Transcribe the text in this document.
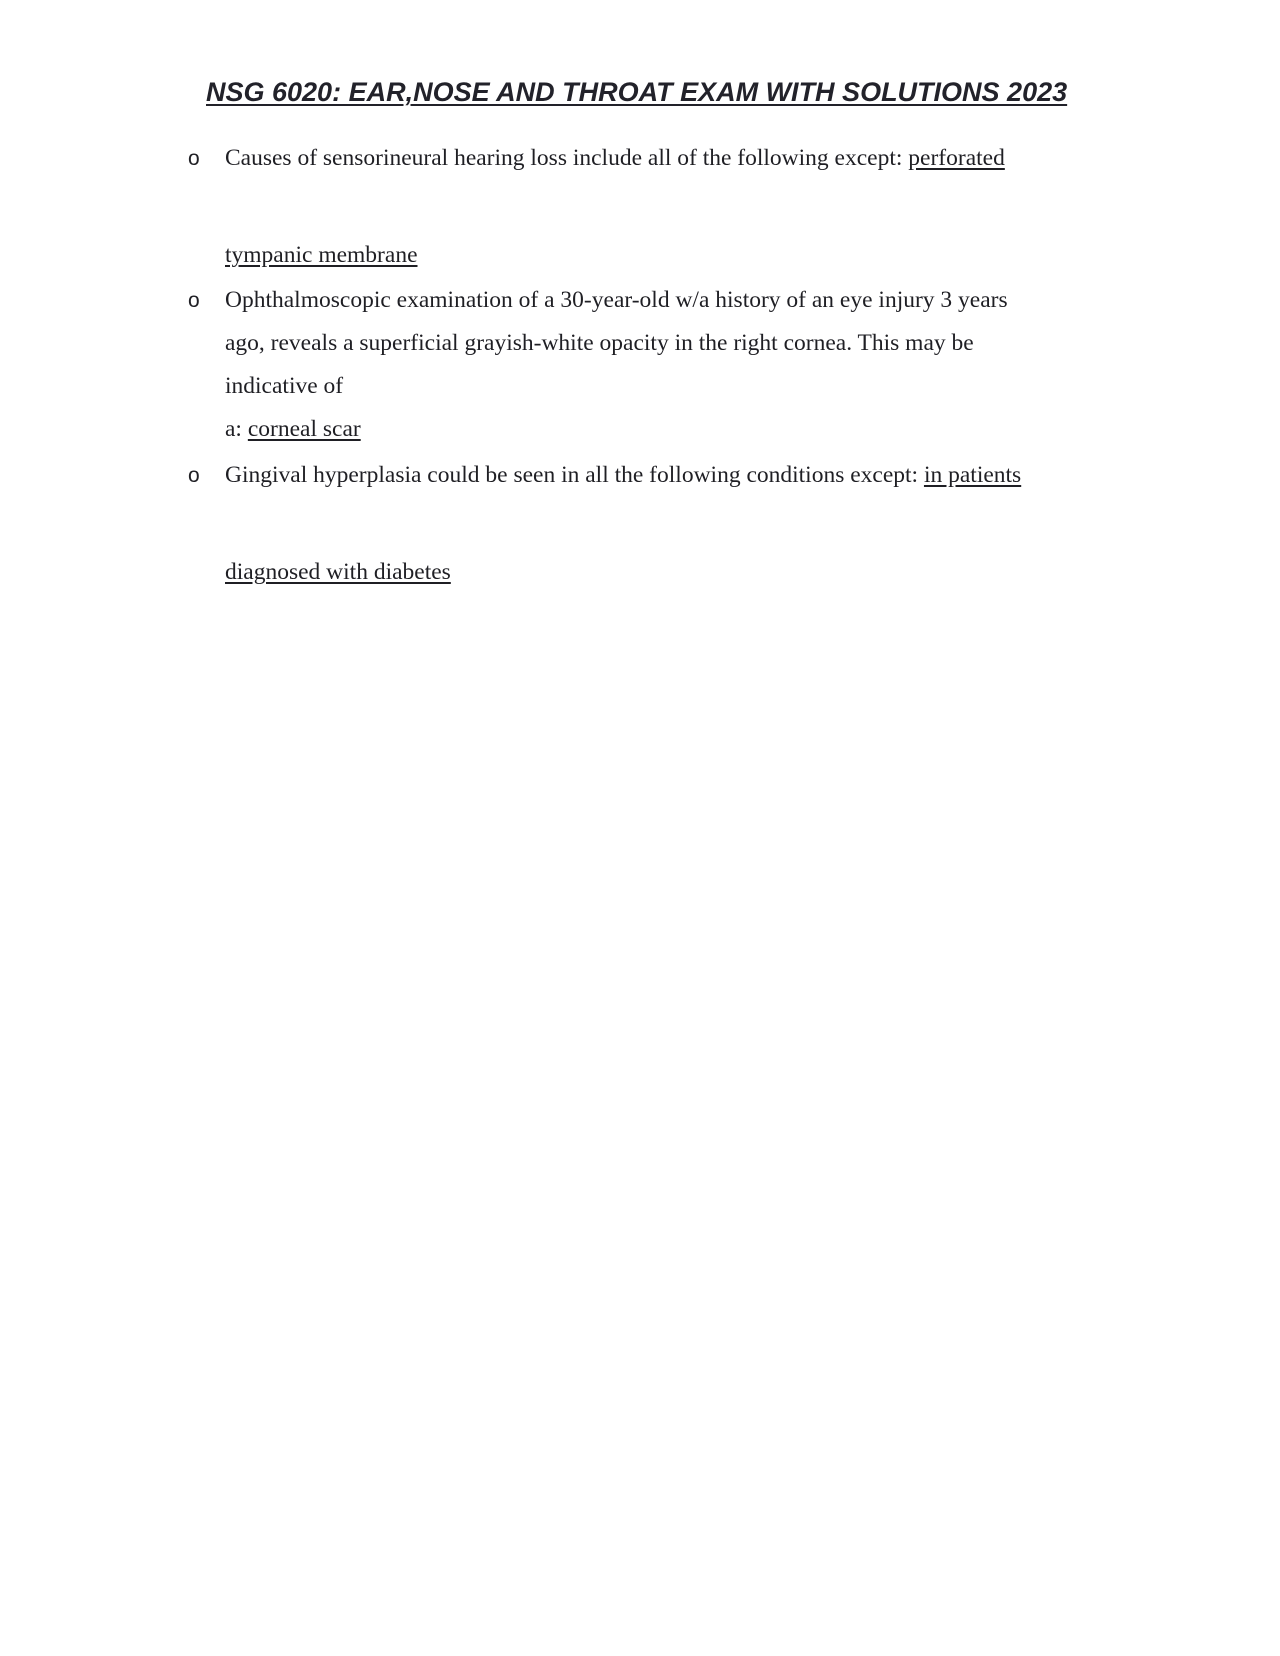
NSG 6020: EAR,NOSE AND THROAT EXAM WITH SOLUTIONS 2023
o Causes of sensorineural hearing loss include all of the following except: perforated
tympanic membrane
o Ophthalmoscopic examination of a 30-year-old w/a history of an eye injury 3 years
ago, reveals a superficial grayish-white opacity in the right cornea. This may be
indicative of
a: corneal scar
o Gingival hyperplasia could be seen in all the following conditions except: in patients
diagnosed with diabetes
